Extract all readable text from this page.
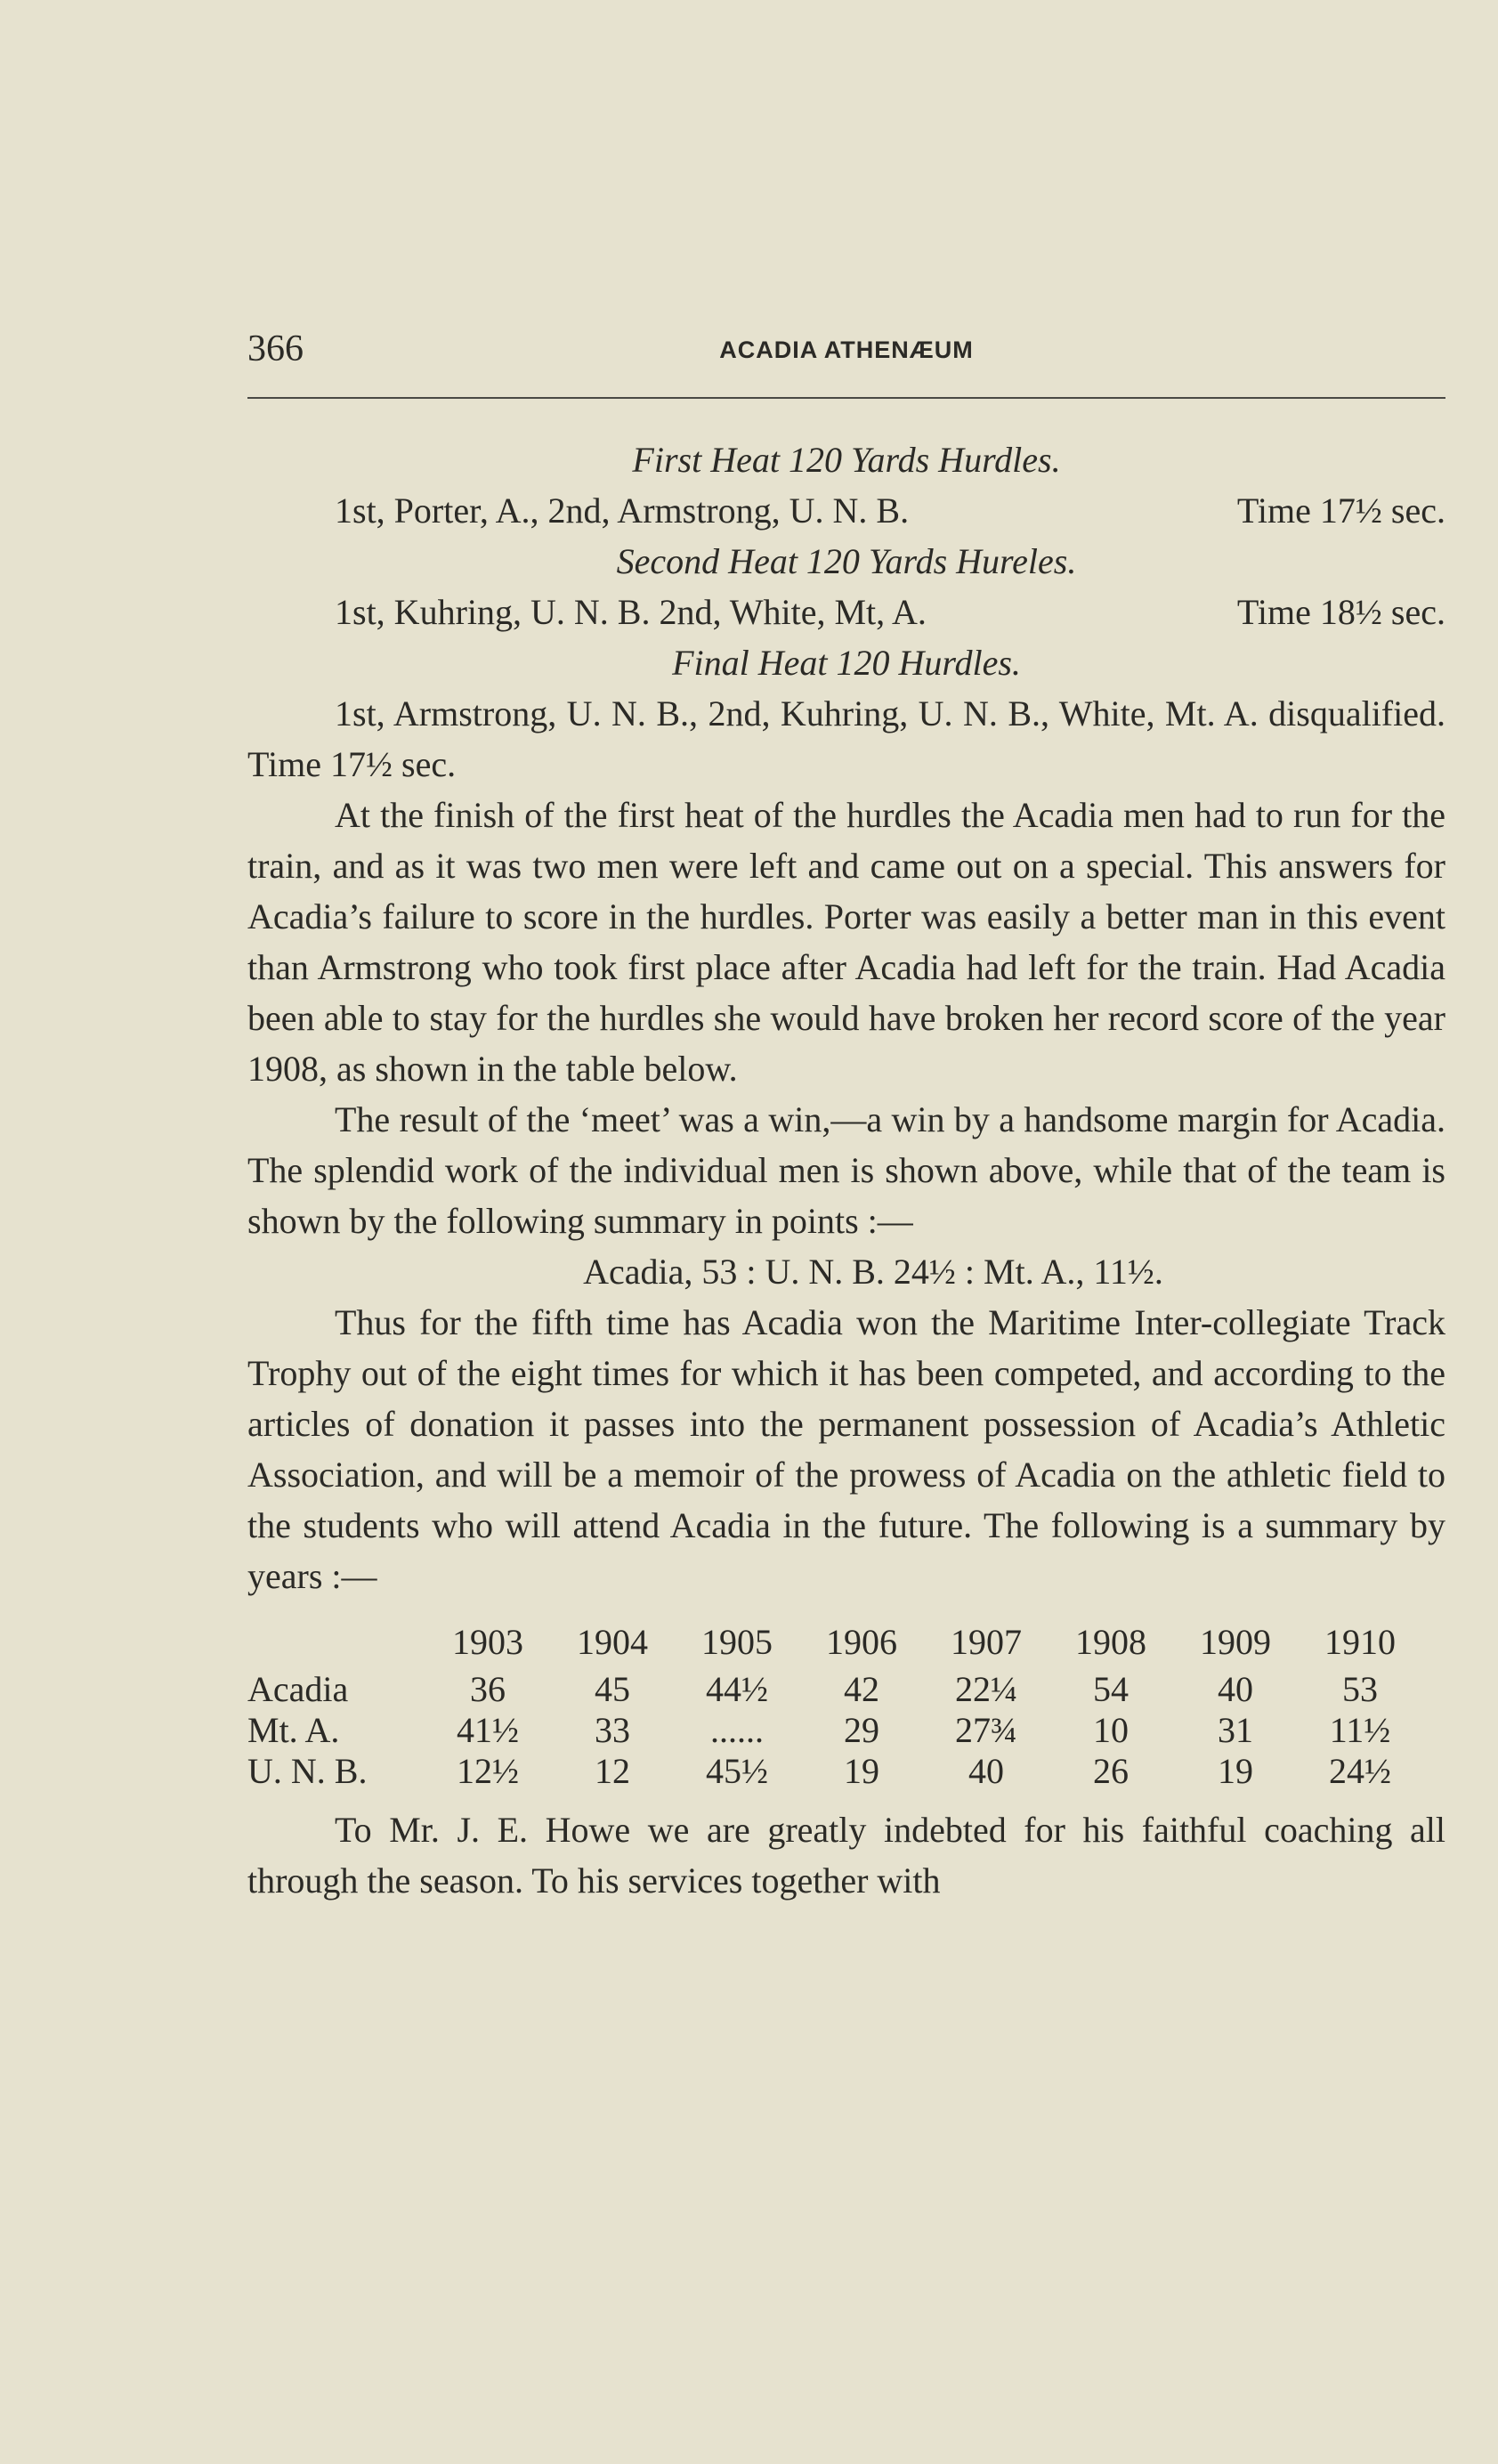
366	ACADIA ATHENÆUM

First Heat 120 Yards Hurdles.

1st, Porter, A., 2nd, Armstrong, U. N. B.	Time 17½ sec.

Second Heat 120 Yards Hureles.

1st, Kuhring, U. N. B. 2nd, White, Mt, A.	Time 18½ sec.

Final Heat 120 Hurdles.

1st, Armstrong, U. N. B., 2nd, Kuhring, U. N. B., White, Mt. A. disqualified. Time 17½ sec.

At the finish of the first heat of the hurdles the Acadia men had to run for the train, and as it was two men were left and came out on a special. This answers for Acadia’s failure to score in the hurdles. Porter was easily a better man in this event than Armstrong who took first place after Acadia had left for the train. Had Acadia been able to stay for the hurdles she would have broken her record score of the year 1908, as shown in the table below.

The result of the ‘meet’ was a win,—a win by a handsome margin for Acadia. The splendid work of the individual men is shown above, while that of the team is shown by the following summary in points :—

Acadia, 53 : U. N. B. 24½ : Mt. A., 11½.

Thus for the fifth time has Acadia won the Maritime Inter-collegiate Track Trophy out of the eight times for which it has been competed, and according to the articles of donation it passes into the permanent possession of Acadia’s Athletic Association, and will be a memoir of the prowess of Acadia on the athletic field to the students who will attend Acadia in the future. The following is a summary by years :—

	1903	1904	1905	1906	1907	1908	1909	1910
Acadia	36	45	44½	42	22¼	54	40	53
Mt. A.	41½	33	......	29	27¾	10	31	11½
U. N. B.	12½	12	45½	19	40	26	19	24½

To Mr. J. E. Howe we are greatly indebted for his faithful coaching all through the season. To his services together with
